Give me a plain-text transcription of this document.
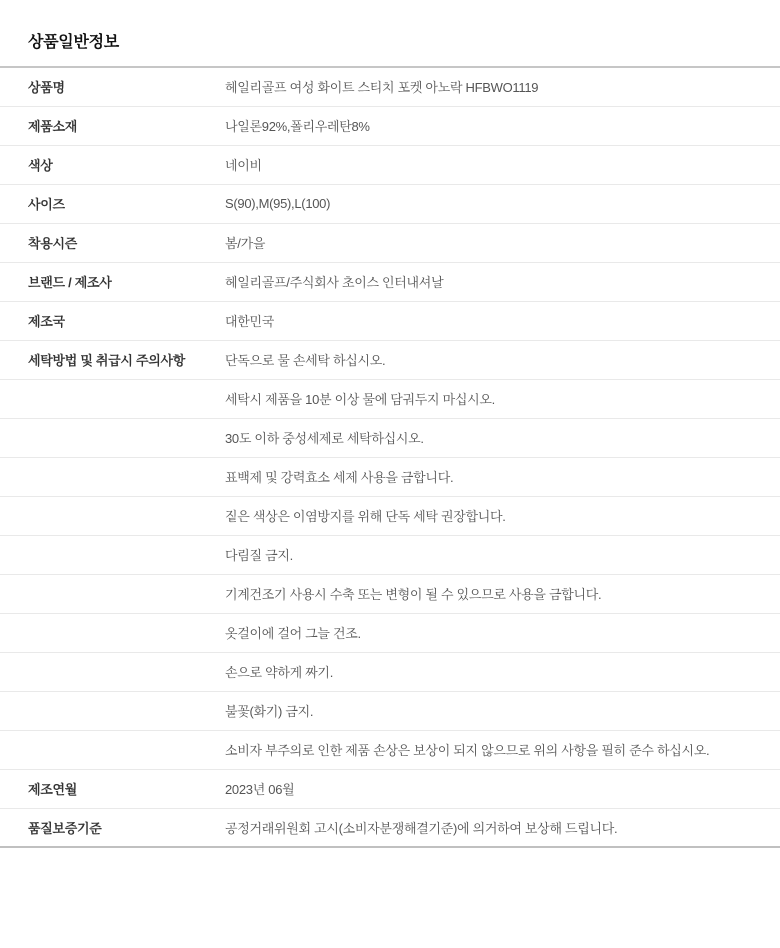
상품일반정보
상품명	헤일리골프 여성 화이트 스티치 포켓 아노락 HFBWO1119
제품소재	나일론92%,폴리우레탄8%
색상	네이비
사이즈	S(90),M(95),L(100)
착용시즌	봄/가을
브랜드 / 제조사	헤일리골프/주식회사 초이스 인터내셔날
제조국	대한민국
세탁방법 및 취급시 주의사항	단독으로 물 손세탁 하십시오.
	세탁시 제품을 10분 이상 물에 담궈두지 마십시오.
	30도 이하 중성세제로 세탁하십시오.
	표백제 및 강력효소 세제 사용을 금합니다.
	짙은 색상은 이염방지를 위해 단독 세탁 권장합니다.
	다림질 금지.
	기계건조기 사용시 수축 또는 변형이 될 수 있으므로 사용을 금합니다.
	옷걸이에 걸어 그늘 건조.
	손으로 약하게 짜기.
	불꽃(화기) 금지.
	소비자 부주의로 인한 제품 손상은 보상이 되지 않으므로 위의 사항을 필히 준수 하십시오.
제조연월	2023년 06월
품질보증기준	공정거래위원회 고시(소비자분쟁해결기준)에 의거하여 보상해 드립니다.
